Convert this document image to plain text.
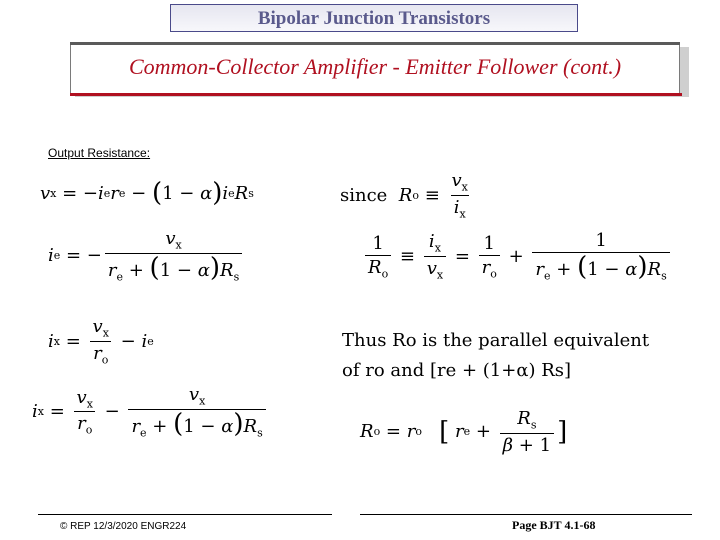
Bipolar Junction Transistors
Common-Collector Amplifier - Emitter Follower (cont.)
Output Resistance:
v x = − i e r e − ( 1 − α ) i e R s
i e = − $\frac{v_x}{r_e + (1 - \alpha)R_s}$
i $x = \frac{v_x}{r_o} - i$ e
i $x = \frac{v_x}{r_o} - \frac{v_x}{r_e + (1 - \alpha)R_s}$
since
R $o \equiv \frac{v_x}{i_x}$
$\frac{1}{R_o} \equiv \frac{i_x}{v_x} = \frac{1}{r_o} + \frac{1}{r_e + (1 - \alpha)R_s}$
Thus Ro is the parallel equivalent
of ro and [re + (1+α) Rs]
R o = r o
[
r $e + \frac{R_s}{\beta + 1}$ ]
© REP 12/3/2020 ENGR224	Page BJT 4.1-68
